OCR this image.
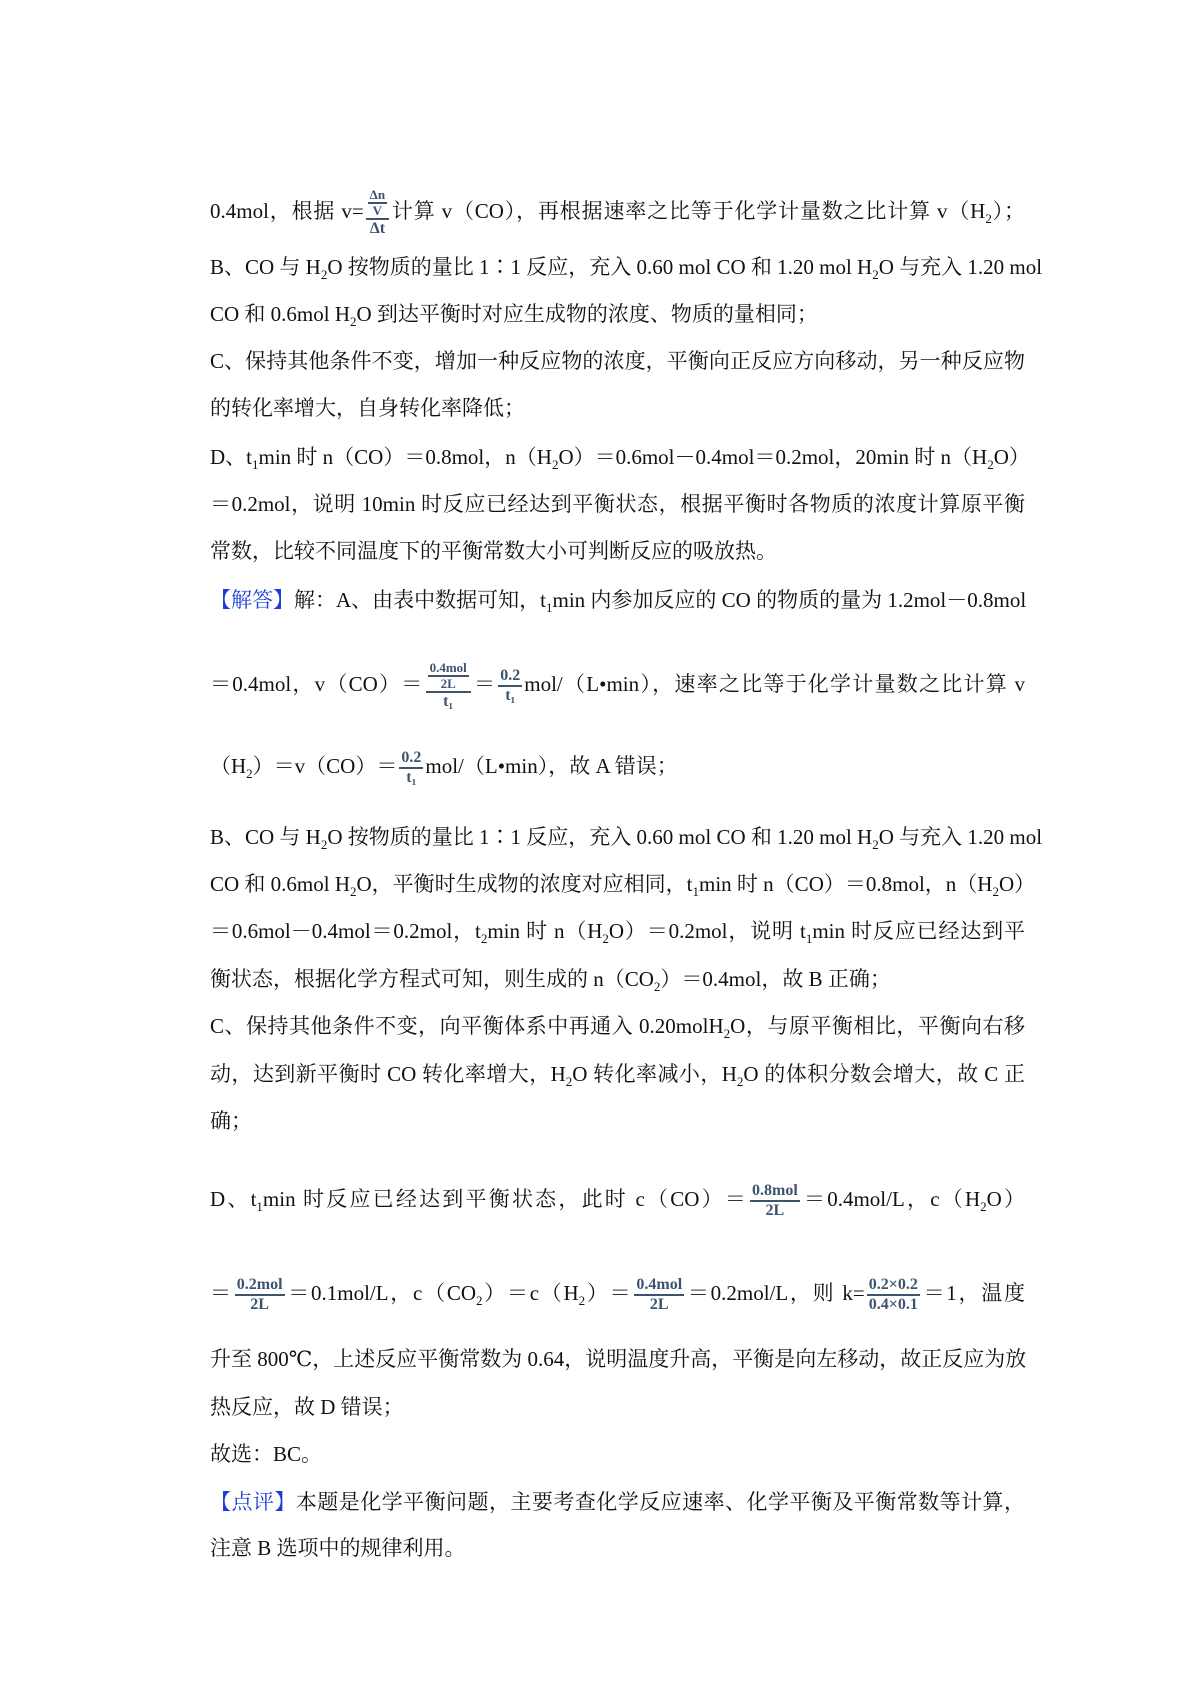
0.4mol，根据 $v= \frac{\frac{\Delta n}{V}}{\Delta t}$ 计算 v（CO），再根据速率之比等于化学计量数之比计算 $v(H_2)$；
B、CO 与 $H_2O$ 按物质的量比 1∶1 反应，充入 0.60 mol CO 和 1.20 mol $H_2O$ 与充入 1.20 mol
CO 和 0.6mol $H_2O$ 到达平衡时对应生成物的浓度、物质的量相同；
C、保持其他条件不变，增加一种反应物的浓度，平衡向正反应方向移动，另一种反应物
的转化率增大，自身转化率降低；
D、$t_1\min$ 时 n（CO）＝0.8mol，$n(H_2O)=0.6mol-0.4mol=0.2mol$，20min 时 $n(H_2O)$
＝0.2mol，说明 10min 时反应已经达到平衡状态，根据平衡时各物质的浓度计算原平衡
常数，比较不同温度下的平衡常数大小可判断反应的吸放热。
【解答】解：A、由表中数据可知，$t_1\min$ 内参加反应的 CO 的物质的量为 1.2mol－0.8mol
＝0.4mol，$v(CO)= \frac{\frac{\text{0.4mol}}{2L}}{\text{t₁}} = \frac{0.2}{\text{t₁}}$ mol/（L•min），速率之比等于化学计量数之比计算 v
$(H_2)=v(CO)= \frac{0.2}{\text{t₁}}$ mol/（L•min），故 A 错误；
B、CO 与 $H_2O$ 按物质的量比 1∶1 反应，充入 0.60 mol CO 和 1.20 mol $H_2O$ 与充入 1.20 mol
CO 和 0.6mol $H_2O$，平衡时生成物的浓度对应相同，$t_1\min$ 时 n（CO）＝0.8mol，$n(H_2O)$
＝0.6mol－0.4mol＝0.2mol，$t_2\min$ 时 $n(H_2O)=0.2mol$，说明 $t_1\min$ 时反应已经达到平
衡状态，根据化学方程式可知，则生成的 $n(CO_2)=0.4mol$，故 B 正确；
C、保持其他条件不变，向平衡体系中再通入 0.20molH$_2$O，与原平衡相比，平衡向右移
动，达到新平衡时 CO 转化率增大，$H_2O$ 转化率减小，$H_2O$ 的体积分数会增大，故 C 正
确；
D、$t_1\min$ 时反应已经达到平衡状态，此时 $c(CO)= \frac{\text{0.8mol}}{2L} =0.4mol/L$，$c(H_2O)$
＝ $\frac{\text{0.2mol}}{2L} =0.1mol/L$，$c(CO_2)=c(H_2)= \frac{\text{0.4mol}}{2L} =0.2mol/L$，则 $k= \frac{0.2\times 0.2}{0.4\times 0.1} =1$，温度
升至 800℃，上述反应平衡常数为 0.64，说明温度升高，平衡是向左移动，故正反应为放
热反应，故 D 错误；
故选：BC。
【点评】本题是化学平衡问题，主要考查化学反应速率、化学平衡及平衡常数等计算，
注意 B 选项中的规律利用。
